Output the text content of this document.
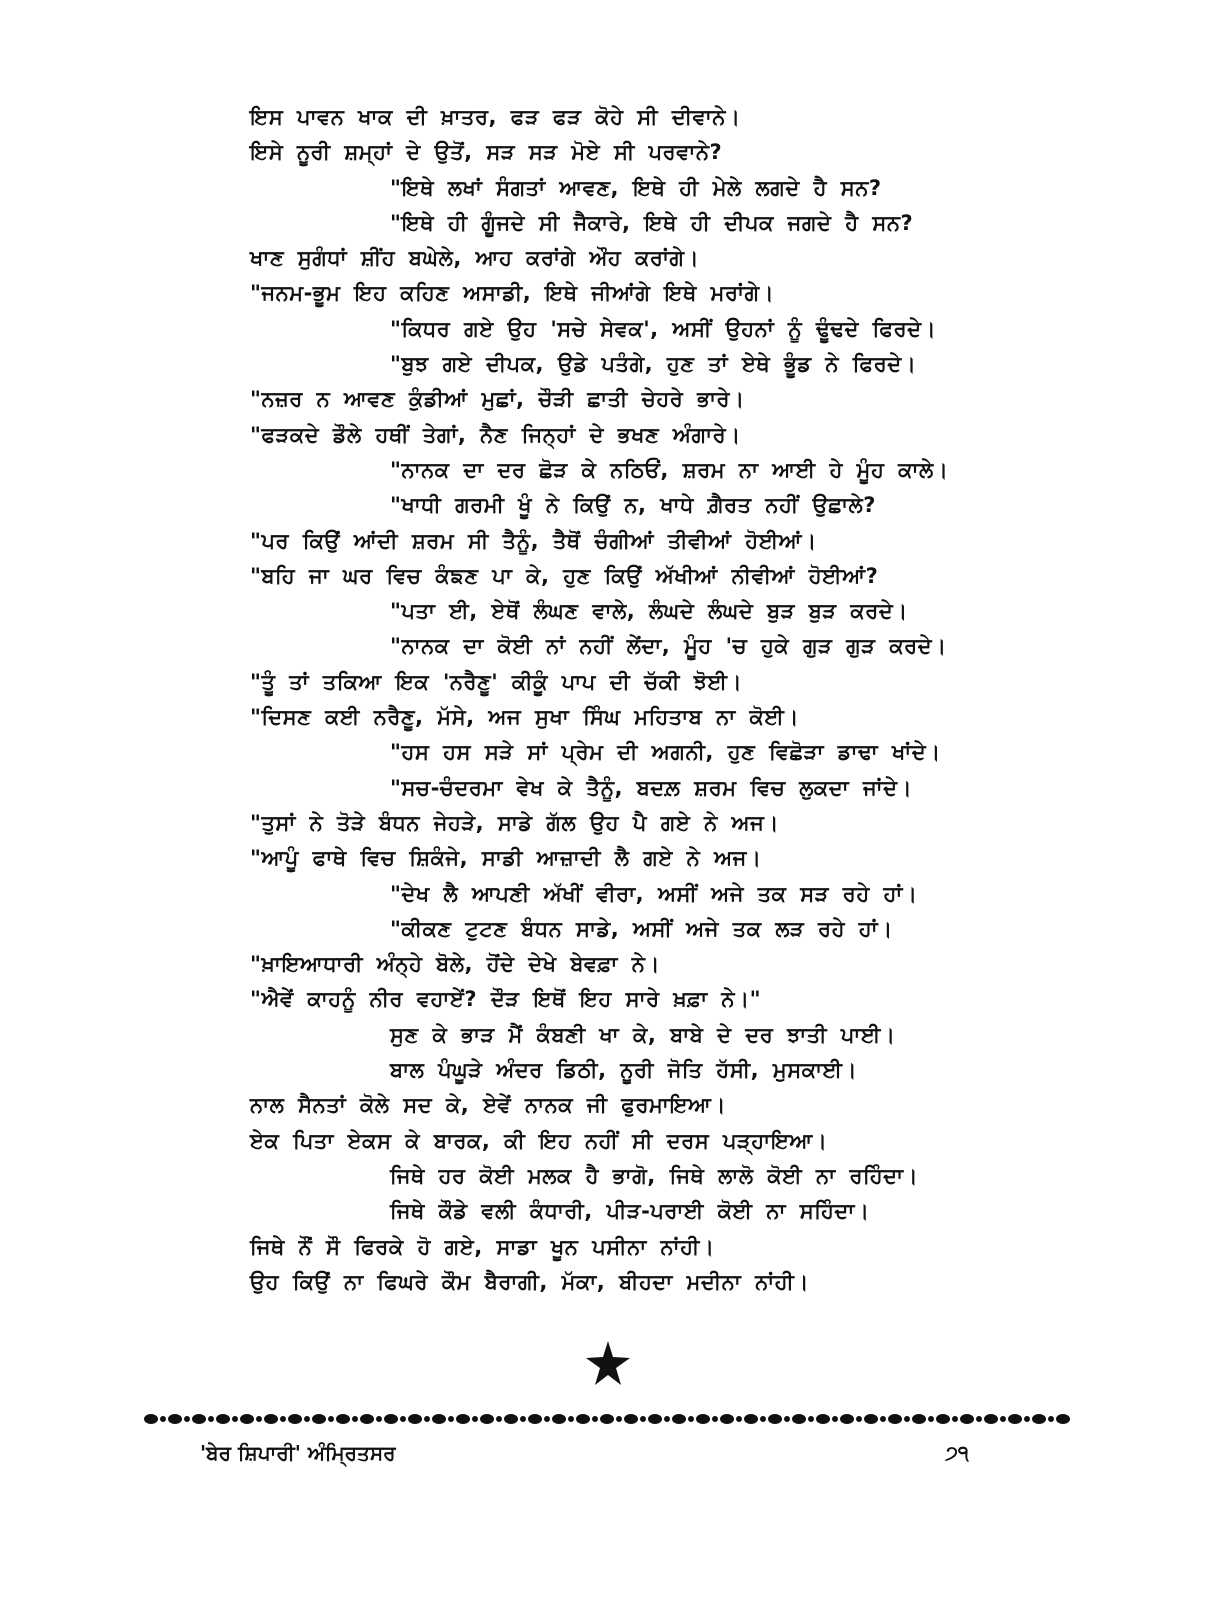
ਇਸ ਪਾਵਨ ਖਾਕ ਦੀ ਖ਼ਾਤਰ, ਫੜ ਫੜ ਕੋਹੇ ਸੀ ਦੀਵਾਨੇ।
ਇਸੇ ਨੂਰੀ ਸ਼ਮ੍ਹਾਂ ਦੇ ਉਤੋਂ, ਸੜ ਸੜ ਮੋਏ ਸੀ ਪਰਵਾਨੇ?
"ਇਥੇ ਲਖਾਂ ਸੰਗਤਾਂ ਆਵਣ, ਇਥੇ ਹੀ ਮੇਲੇ ਲਗਦੇ ਹੈ ਸਨ?
"ਇਥੇ ਹੀ ਗੂੰਜਦੇ ਸੀ ਜੈਕਾਰੇ, ਇਥੇ ਹੀ ਦੀਪਕ ਜਗਦੇ ਹੈ ਸਨ?
ਖਾਣ ਸੁਗੰਧਾਂ ਸ਼ੀਂਹ ਬਘੇਲੇ, ਆਹ ਕਰਾਂਗੇ ਔਹ ਕਰਾਂਗੇ।
"ਜਨਮ-ਭੂਮ ਇਹ ਕਹਿਣ ਅਸਾਡੀ, ਇਥੇ ਜੀਆਂਗੇ ਇਥੇ ਮਰਾਂਗੇ।
"ਕਿਧਰ ਗਏ ਉਹ 'ਸਚੇ ਸੇਵਕ', ਅਸੀਂ ਉਹਨਾਂ ਨੂੰ ਢੂੰਢਦੇ ਫਿਰਦੇ।
"ਬੁਝ ਗਏ ਦੀਪਕ, ਉਡੇ ਪਤੰਗੇ, ਹੁਣ ਤਾਂ ਏਥੇ ਭੂੰਡ ਨੇ ਫਿਰਦੇ।
"ਨਜ਼ਰ ਨ ਆਵਣ ਕੁੰਡੀਆਂ ਮੁਛਾਂ, ਚੌੜੀ ਛਾਤੀ ਚੇਹਰੇ ਭਾਰੇ।
"ਫੜਕਦੇ ਡੌਲੇ ਹਥੀਂ ਤੇਗਾਂ, ਨੈਣ ਜਿਨ੍ਹਾਂ ਦੇ ਭਖਣ ਅੰਗਾਰੇ।
"ਨਾਨਕ ਦਾ ਦਰ ਛੋੜ ਕੇ ਨਠਿਓਂ, ਸ਼ਰਮ ਨਾ ਆਈ ਹੇ ਮੂੰਹ ਕਾਲੇ।
"ਖਾਧੀ ਗਰਮੀ ਖੂੰ ਨੇ ਕਿਉਂ ਨ, ਖਾਧੇ ਗ਼ੈਰਤ ਨਹੀਂ ਉਛਾਲੇ?
"ਪਰ ਕਿਉਂ ਆਂਦੀ ਸ਼ਰਮ ਸੀ ਤੈਨੂੰ, ਤੈਥੋਂ ਚੰਗੀਆਂ ਤੀਵੀਆਂ ਹੋਈਆਂ।
"ਬਹਿ ਜਾ ਘਰ ਵਿਚ ਕੰਙਣ ਪਾ ਕੇ, ਹੁਣ ਕਿਉਂ ਅੱਖੀਆਂ ਨੀਵੀਆਂ ਹੋਈਆਂ?
"ਪਤਾ ਈ, ਏਥੋਂ ਲੰਘਣ ਵਾਲੇ, ਲੰਘਦੇ ਲੰਘਦੇ ਬੁੜ ਬੁੜ ਕਰਦੇ।
"ਨਾਨਕ ਦਾ ਕੋਈ ਨਾਂ ਨਹੀਂ ਲੇਂਦਾ, ਮੂੰਹ 'ਚ ਹੁਕੇ ਗੁੜ ਗੁੜ ਕਰਦੇ।
"ਤੂੰ ਤਾਂ ਤਕਿਆ ਇਕ 'ਨਰੈਣੂ' ਕੀਕੂੰ ਪਾਪ ਦੀ ਚੱਕੀ ਝੋਈ।
"ਦਿਸਣ ਕਈ ਨਰੈਣੂ, ਮੱਸੇ, ਅਜ ਸੁਖਾ ਸਿੰਘ ਮਹਿਤਾਬ ਨਾ ਕੋਈ।
"ਹਸ ਹਸ ਸੜੇ ਸਾਂ ਪ੍ਰੇਮ ਦੀ ਅਗਨੀ, ਹੁਣ ਵਿਛੋੜਾ ਡਾਢਾ ਖਾਂਦੇ।
"ਸਚ-ਚੰਦਰਮਾ ਵੇਖ ਕੇ ਤੈਨੂੰ, ਬਦਲ਼ ਸ਼ਰਮ ਵਿਚ ਲੁਕਦਾ ਜਾਂਦੇ।
"ਤੁਸਾਂ ਨੇ ਤੋੜੇ ਬੰਧਨ ਜੇਹੜੇ, ਸਾਡੇ ਗੱਲ ਉਹ ਪੈ ਗਏ ਨੇ ਅਜ।
"ਆਪੂੰ ਫਾਥੇ ਵਿਚ ਸ਼ਿਕੰਜੇ, ਸਾਡੀ ਆਜ਼ਾਦੀ ਲੈ ਗਏ ਨੇ ਅਜ।
"ਦੇਖ ਲੈ ਆਪਣੀ ਅੱਖੀਂ ਵੀਰਾ, ਅਸੀਂ ਅਜੇ ਤਕ ਸੜ ਰਹੇ ਹਾਂ।
"ਕੀਕਣ ਟੁਟਣ ਬੰਧਨ ਸਾਡੇ, ਅਸੀਂ ਅਜੇ ਤਕ ਲੜ ਰਹੇ ਹਾਂ।
"ਖ਼ਾਇਆਧਾਰੀ ਅੰਨ੍ਹੇ ਬੋਲੇ, ਹੋਂਦੇ ਦੇਖੇ ਬੇਵਫ਼ਾ ਨੇ।
"ਐਵੇਂ ਕਾਹਨੂੰ ਨੀਰ ਵਹਾਏਂ? ਦੌੜ ਇਥੋਂ ਇਹ ਸਾਰੇ ਖ਼ਫ਼ਾ ਨੇ।"
ਸੁਣ ਕੇ ਭਾੜ ਮੈਂ ਕੰਬਣੀ ਖਾ ਕੇ, ਬਾਬੇ ਦੇ ਦਰ ਝਾਤੀ ਪਾਈ।
ਬਾਲ ਪੰਘੂੜੇ ਅੰਦਰ ਡਿਠੀ, ਨੂਰੀ ਜੋਤਿ ਹੱਸੀ, ਮੁਸਕਾਈ।
ਨਾਲ ਸੈਨਤਾਂ ਕੋਲੇ ਸਦ ਕੇ, ਏਵੇਂ ਨਾਨਕ ਜੀ ਫੁਰਮਾਇਆ।
ਏਕ ਪਿਤਾ ਏਕਸ ਕੇ ਬਾਰਕ, ਕੀ ਇਹ ਨਹੀਂ ਸੀ ਦਰਸ ਪੜ੍ਹਾਇਆ।
ਜਿਥੇ ਹਰ ਕੋਈ ਮਲਕ ਹੈ ਭਾਗੋ, ਜਿਥੇ ਲਾਲੋ ਕੋਈ ਨਾ ਰਹਿੰਦਾ।
ਜਿਥੇ ਕੌਡੇ ਵਲੀ ਕੰਧਾਰੀ, ਪੀੜ-ਪਰਾਈ ਕੋਈ ਨਾ ਸਹਿੰਦਾ।
ਜਿਥੇ ਨੌਂ ਸੌ ਫਿਰਕੇ ਹੋ ਗਏ, ਸਾਡਾ ਖੂਨ ਪਸੀਨਾ ਨਾਂਹੀ।
ਉਹ ਕਿਉਂ ਨਾ ਫਿਘਰੇ ਕੌਮ ਬੈਰਾਗੀ, ਮੱਕਾ, ਬੀਹਦਾ ਮਦੀਨਾ ਨਾਂਹੀ।
'ਬੇਰ ਸ਼ਿਪਾਰੀ' ਅੰਮ੍ਰਿਤਸਰ	੭੧
